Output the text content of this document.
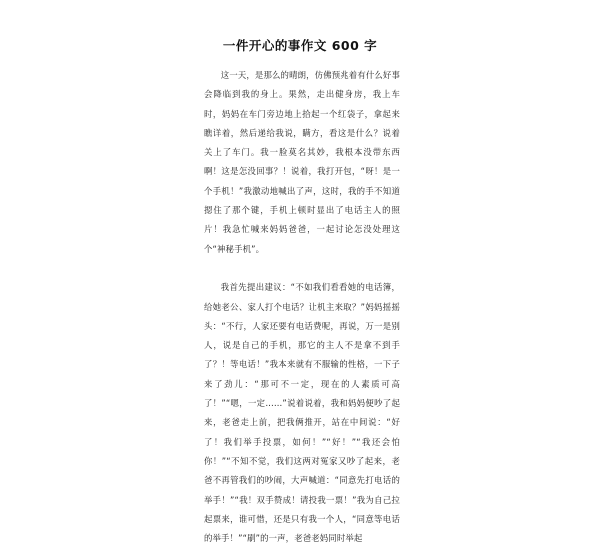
一件开心的事作文 600 字

这一天，是那么的晴朗，仿佛预兆着有什么好事会降临到我的身上。果然，走出健身房，我上车时，妈妈在车门旁边地上拾起一个红袋子，拿起来瞧详着，然后递给我说，瞒方，看这是什么？说着关上了车门。我一脸莫名其妙，我根本没带东西啊！这是怎没回事？！说着，我打开包，“呀！是一个手机！”我激动地喊出了声，这时，我的手不知道摁住了那个键，手机上顿时显出了电话主人的照片！我急忙喊来妈妈爸爸，一起讨论怎没处理这个“神秘手机”。

我首先提出建议：“不如我们看看她的电话簿，给她老公、家人打个电话？让机主来取？”妈妈摇摇头：“不行，人家还要有电话费呢，再说，万一是别人，说是自己的手机，那它的主人不是拿不到手了？！等电话！”我本来就有不服输的性格，一下子来了劲儿：“那可不一定，现在的人素质可高了！”“嗯，一定……”说着说着，我和妈妈便吵了起来，老爸走上前，把我俩推开，站在中间说：“好了！我们举手投票，如何！”“好！”“我还会怕你！”“不知不觉，我们这两对冤家又吵了起来，老爸不再管我们的吵闹，大声喊道：“同意先打电话的举手！”“我！双手赞成！请投我一票！”我为自己拉起票来，谁可惜，还是只有我一个人，“同意等电话的举手！”“刷”的一声，老爸老妈同时举起
